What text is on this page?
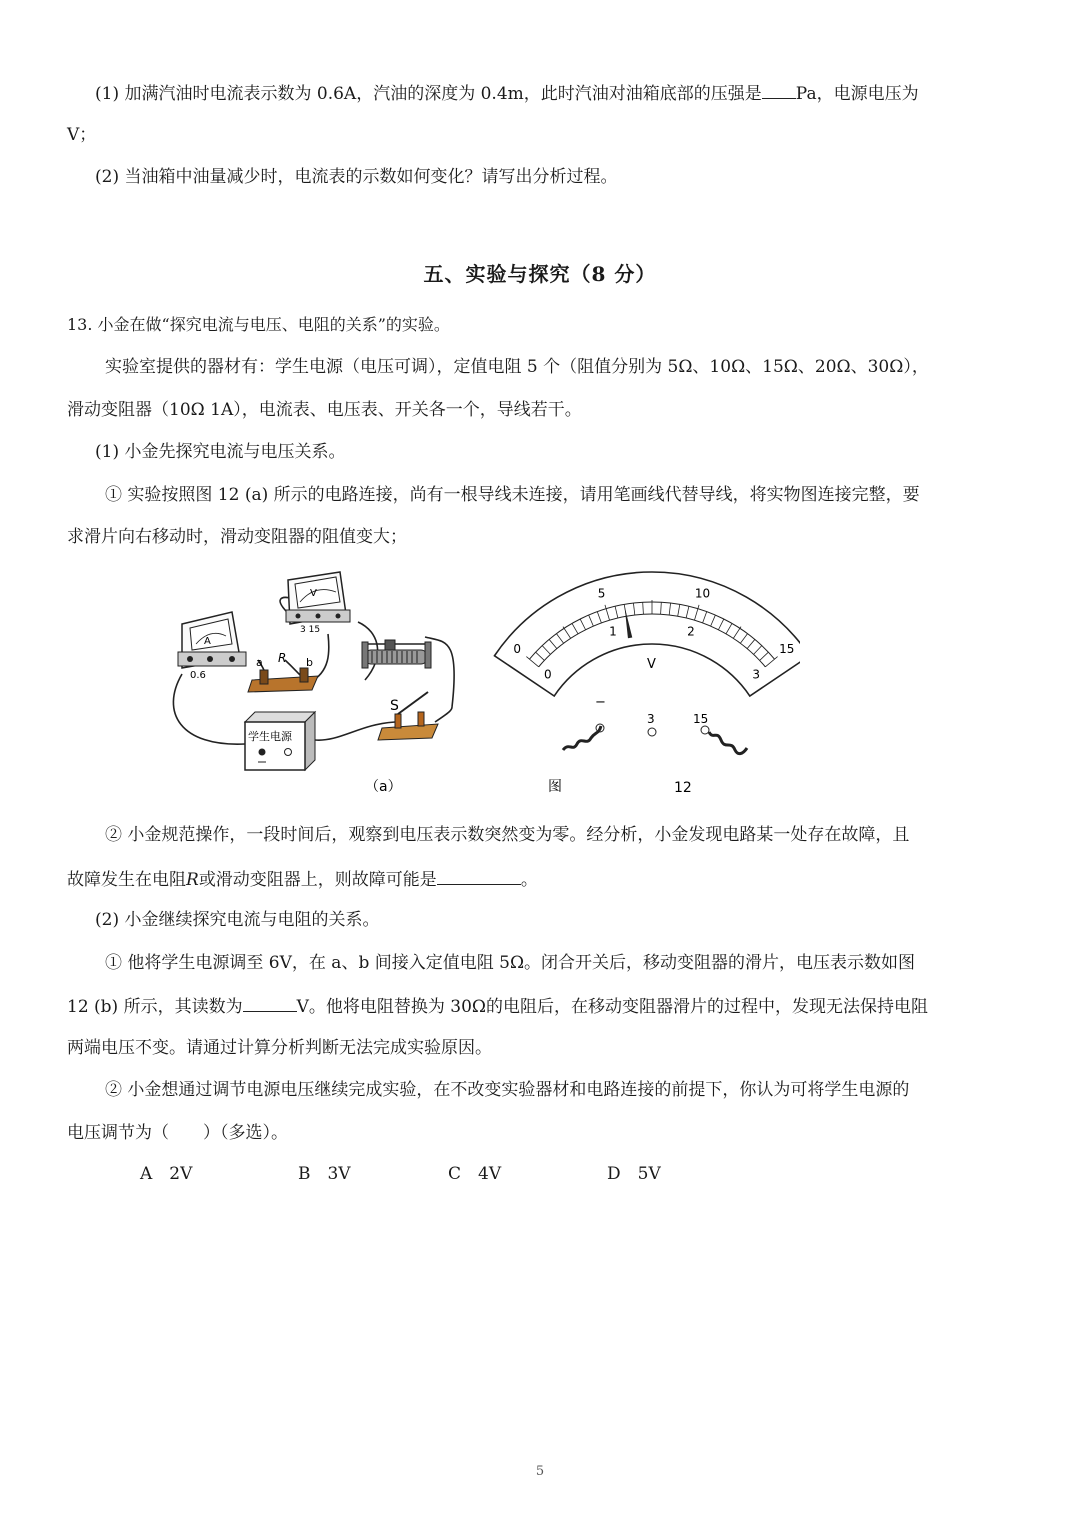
(1) 加满汽油时电流表示数为 0.6A，汽油的深度为 0.4m，此时汽油对油箱底部的压强是 Pa，电源电压为
V；
(2) 当油箱中油量减少时，电流表的示数如何变化？请写出分析过程。
五、实验与探究（8 分）
13. 小金在做“探究电流与电压、电阻的关系”的实验。
实验室提供的器材有：学生电源（电压可调），定值电阻 5 个（阻值分别为 5Ω、10Ω、15Ω、20Ω、30Ω），
滑动变阻器（10Ω 1A），电流表、电压表、开关各一个，导线若干。
(1) 小金先探究电流与电压关系。
① 实验按照图 12 (a) 所示的电路连接，尚有一根导线未连接，请用笔画线代替导线，将实物图连接完整，要
求滑片向右移动时，滑动变阻器的阻值变大；
A
0.6
V
3 15
a R b
S
学生电源
（a）	图	12
0
5	10
15
0
1	2
3
V
−
3	15
② 小金规范操作，一段时间后，观察到电压表示数突然变为零。经分析，小金发现电路某一处存在故障，且
故障发生在电阻R或滑动变阻器上，则故障可能是	。
(2) 小金继续探究电流与电阻的关系。
① 他将学生电源调至 6V，在 a、b 间接入定值电阻 5Ω。闭合开关后，移动变阻器的滑片，电压表示数如图
12 (b) 所示，其读数为	V。他将电阻替换为 30Ω的电阻后，在移动变阻器滑片的过程中，发现无法保持电阻
两端电压不变。请通过计算分析判断无法完成实验原因。
② 小金想通过调节电源电压继续完成实验，在不改变实验器材和电路连接的前提下，你认为可将学生电源的
电压调节为（　　）（多选）。
A　2V	B　3V	C　4V	D　5V
5
